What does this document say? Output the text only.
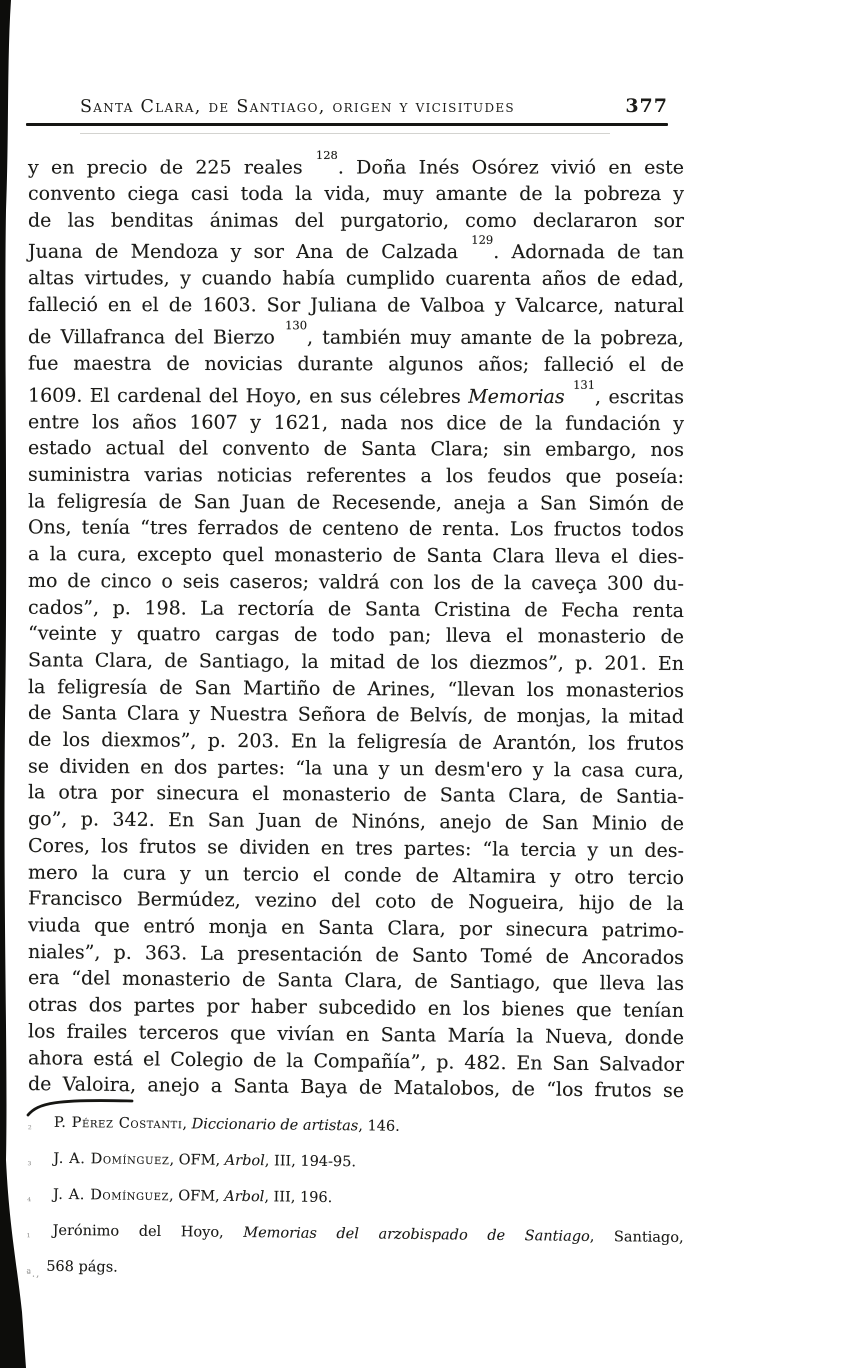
Santa Clara, de Santiago, origen y vicisitudes	377
y en precio de 225 reales $^{128}$. Doña Inés Osórez vivió en este
convento ciega casi toda la vida, muy amante de la pobreza y
de las benditas ánimas del purgatorio, como declararon sor
Juana de Mendoza y sor Ana de Calzada $^{129}$. Adornada de tan
altas virtudes, y cuando había cumplido cuarenta años de edad,
falleció en el de 1603. Sor Juliana de Valboa y Valcarce, natural
de Villafranca del Bierzo $^{130}$, también muy amante de la pobreza,
fue maestra de novicias durante algunos años; falleció el de
1609. El cardenal del Hoyo, en sus célebres Memorias $^{131}$, escritas
entre los años 1607 y 1621, nada nos dice de la fundación y
estado actual del convento de Santa Clara; sin embargo, nos
suministra varias noticias referentes a los feudos que poseía:
la feligresía de San Juan de Recesende, aneja a San Simón de
Ons, tenía “tres ferrados de centeno de renta. Los fructos todos
a la cura, excepto quel monasterio de Santa Clara lleva el dies-
mo de cinco o seis caseros; valdrá con los de la caveça 300 du-
cados”, p. 198. La rectoría de Santa Cristina de Fecha renta
“veinte y quatro cargas de todo pan; lleva el monasterio de
Santa Clara, de Santiago, la mitad de los diezmos”, p. 201. En
la feligresía de San Martiño de Arines, “llevan los monasterios
de Santa Clara y Nuestra Señora de Belvís, de monjas, la mitad
de los diexmos”, p. 203. En la feligresía de Arantón, los frutos
se dividen en dos partes: “la una y un desm'ero y la casa cura,
la otra por sinecura el monasterio de Santa Clara, de Santia-
go”, p. 342. En San Juan de Ninóns, anejo de San Minio de
Cores, los frutos se dividen en tres partes: “la tercia y un des-
mero la cura y un tercio el conde de Altamira y otro tercio
Francisco Bermúdez, vezino del coto de Nogueira, hijo de la
viuda que entró monja en Santa Clara, por sinecura patrimo-
niales”, p. 363. La presentación de Santo Tomé de Ancorados
era “del monasterio de Santa Clara, de Santiago, que lleva las
otras dos partes por haber subcedido en los bienes que tenían
los frailes terceros que vivían en Santa María la Nueva, donde
ahora está el Colegio de la Compañía”, p. 482. En San Salvador
de Valoira, anejo a Santa Baya de Matalobos, de “los frutos se
²	P. Pérez Costanti, Diccionario de artistas, 146.
³	J. A. Domínguez, OFM, Arbol, III, 194-95.
⁴	J. A. Domínguez, OFM, Arbol, III, 196.
¹	Jerónimo del Hoyo, Memorias del arzobispado de Santiago, Santiago,
ª., 568 págs.
